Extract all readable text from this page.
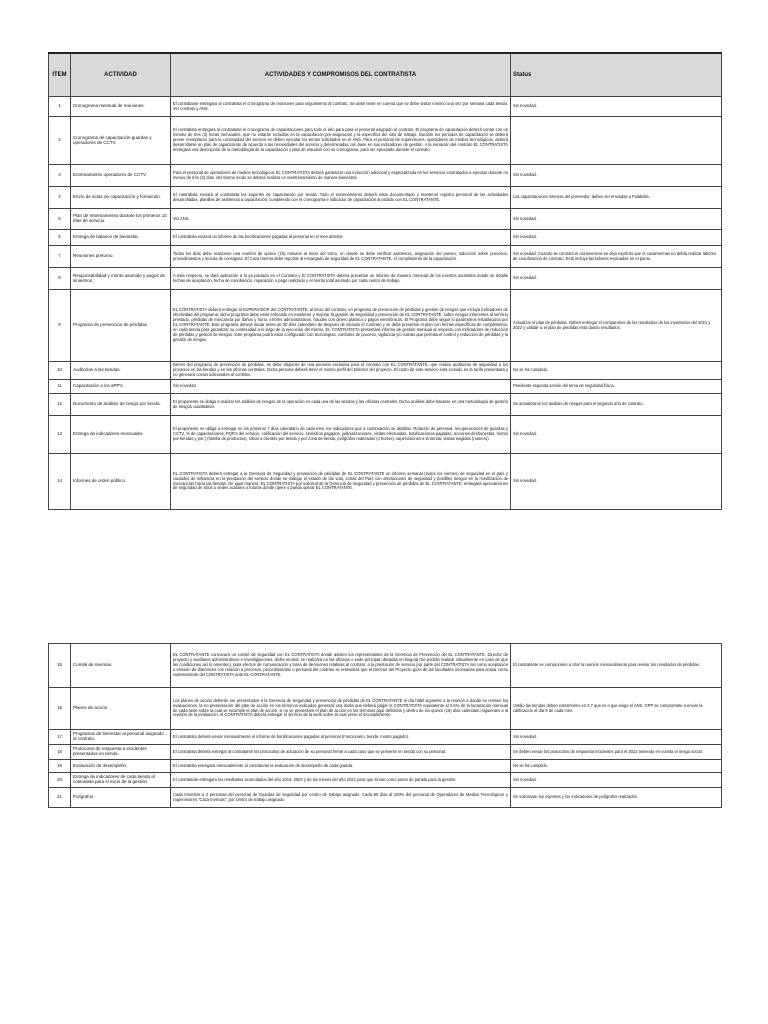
ITEM	ACTIVIDAD	ACTIVIDADES Y COMPROMISOS DEL CONTRATISTA	Status
1	Cronograma mensual de reuniones.	El contratante entregara al contratista el cronograma de reuniones para seguimiento al contrato. Se debe tener en cuenta que se debe visitar mínimo una vez por semana cada tienda. Ver contrato y ANS.	Sin novedad.
2	Cronograma de capacitación guardas y operadores de CCTV.	El contratista entregara al contratante el cronograma de capacitaciones para todo el año para para el personal asignado al contrato. El programa de capacitación deberá contar con un mínimo de tres (3) horas mensuales, que no estarán incluidas en la capacitación pre-asignación y la específica del sitio de trabajo. Durante los periodos de capacitación se deberá prever reemplazos para la continuidad del servicio se deben ejecutar los temas solicitados en el ANS. Para el personal de supervisores, operadores de medios tecnológicos, deberá desarrollarse un plan de capacitación de acuerdo a las necesidades del servicio y determinadas con base en sus indicadores de gestión. A la iniciación del contrato EL CONTRATISTA entregará una descripción de la metodología de la capacitación y plan de estudios con su cronograma, para ser ejecutado durante el contrato.	
3	Entrenamiento operadores de CCTV.	Para el personal de operadores de medios tecnológicos EL CONTRATISTA deberá garantizar una inducción adicional y especializada en los servicios contratados a ejecutar durante no menos de tres (3) días, del mismo modo se deberá realizar un reentrenamiento de manera bienestral.	Sin novedad.
4	Envío de actas de capacitación y formación.	El contratista enviará al contratista los soportes de capacitación por tienda. Todo el entrenamiento deberá estar documentado y mantener registro personal de las actividades desarrolladas, planillas de asistencia a capacitación, cumpliendo con el cronograma e indicador de capacitación acordado con EL CONTRATANTE.	Las capacitaciones internas del proveedor, deben ser enviadas a Falabella.
5	Plan de entrenamiento durante los primeros 15 días de servicio.	Ver ANS.	Sin novedad.
6	Entrega de balance de bienestar.	El contratista enviará un informe de las bonificaciones pagadas al personal en el mes anterior.	Sin novedad.
7	Reuniones preturno.	Todos los días debe realizarse una reunión de quince (15) minutos al inicio del turno, en donde se debe verificar asistencia, asignación del puesto, inducción sobre procesos, procedimientos y lectura de consignas. El Caza merma debe reportar al encargado de seguridad de EL CONTRATANTE, el cumplimiento de la capacitación.	Sin novedad. Cuando se contrató el cazamermas se dejo explícito que el cazamermas no debía realizar labores de coordinación de contrato. Está incluye las labores evaluadas en el punto.
8	Responsabilidad y monto asumido y pagos de siniestros.	A este respecto, se dará aplicación a lo ya pactado en el Contrato y El CONTRATISTA deberá presentar un informe de manera mensual de los eventos asumidos donde se detalle fechas de aceptación, fecha de conciliación, reparación o pago realizado y el monto total asumido por cada centro de trabajo.	Sin novedad.
9	Programa de prevención de pérdidas.	EL CONTRATISTA deberá entregar al SUPERVISOR del CONTRATANTE, al inicio del contrato, un programa de prevención de pérdidas y gestión de riesgos que incluya indicadores de efectividad del programa, dicho programa debe estar enfocado en mantener y mejorar la gestión de Seguridad y prevención de EL CONTRATANTE, sobre riesgos inherentes al servicio prestado, pérdidas de mercancía por daños y hurto, errores administrativos, fraudes con dinero plástico o pagos electrónicos. El Programa debe seguir lo parámetros establecidos por EL CONTRATANTE. Este programa deberá iniciar antes de 30 días calendario de después de iniciado el Contrato y se debe presentar el plan con fechas específicas de cumplimiento, en cada tienda para garantizar su continuidad a lo largo de la ejecución del mismo. EL CONTRATISTA presentará informe de gestión mensual al respecto con indicadores de reducción de pérdidas y gestión de riesgos. Este programa podrá estar configurado con tecnologías, controles de proceso, vigilancia y/o rutinas que permita el control y reducción de pérdidas y la gestión de riesgos.	Actualizar el plan de pérdidas. Deben entregar el comparativo de los resultados de los inventarios del 2021 y 2022 y validar si el plan de pérdidas esta dando resultados.
10	Auditorias a las tiendas.	Dentro del programa de prevención de pérdidas, se debe disponer de una persona exclusiva para el contrato con EL CONTRATANTE, que realice auditorías de seguridad a los procesos en las tiendas y en las oficinas centrales. Dicha persona deberá tener el mismo perfil del Director del proyecto. El costo de este servicio esta incluido en la tarifa presentada y no generara costos adicionales al contrato.	No se ha cumplido.
11	Capacitación a los aPP's.	Sin novedad	Pendiente segunda sesión del tema de seguridad física.
12	Documento de análisis de riesgo por tienda.	El proponente se obliga a realizar los análisis de riesgos de la operación en cada una de las tiendas y las oficinas centrales. Dicho análisis debe basarse en una metodología de gestión de riesgos cuantitativa.	Se actualizaron los análisis de riesgos para el segundo año de contrato.
13	Entrega de indicadores mensuales.	El proponente se obliga a entregar en los primeros 7 días calendario de cada mes, los indicadores que a continuación se detallan: Rotación de personal, recuperaciones de guardas y CCTV, % de capacitaciones, PQR's del servicio, calificación del servicio, siniestros pagados, judicializaciones, visitas efectuadas, bonificaciones pagadas, acciones deshonestas, hurtos por tiendas y por ( (familia de productos), robos a clientes por tienda y por zona de tienda, polígrafos realizados (o hurtos), supervisiones a la tienda, visitas exigidas (numero).	Sin novedad.
14	Informes de orden público.	EL CONTRATISTA deberá entregar a la Gerencia de Seguridad y prevención de pérdidas de EL CONTRATANTE un informe semanal (todos los viernes) de seguridad en el país y ciudades de influencia en la prestación del servicio donde se indique el estado de las vías, zonas del País con afectaciones de seguridad y posibles riesgos en la movilización de mercancías hacia las tiendas. De igual manera, EL CONTRATISTA por solicitud de la Gerencia de Seguridad y prevención de pérdidas de EL CONTRATANTE, entregará apreciaciones de seguridad de sitios o sedes actuales o futuras donde opere o pueda operar EL CONTRATANTE.	Sin novedad.
15	Comité de mermas.	EL CONTRATANTE convocará un comité de seguridad con EL CONTRATISTA donde asisten los representantes de la Gerencia de Prevención del EL CONTRATANTE, Director de proyecto y auxiliares administrativos e investigaciones, dicha reunión se realizará en las oficinas o sede principal ubicadas en Bogotá (Se podrán realizar virtualmente en caso de que las condiciones así lo ameriten), para efectos de comunicación y toma de decisiones relativas al contrato, a la prestación de servicio por parte del CONTRATISTA así como aceptación o emisión de directrices con relación a procesos, procedimientos o personal del contrato se entenderá que el Director del Proyecto goza de las facultades necesarias para actuar como representante del CONTRATISTA ante EL CONTRATANTE.	El contratante se compromete a citar la reunión mensualmente para revisar los resultados de pérdidas.
16	Planes de acción.	Los planes de acción deberán ser presentados a la Gerencia de Seguridad y prevención de pérdidas de EL CONTRATANTE el día hábil siguiente a la reunión a donde se revisen los evaluaciones, la no presentación del plan de acción en los términos indicados generará una multa que deberá pagar el CONTRATISTA equivalente al 0.5% de la facturación mensual de cada sede sobre la cual se incumple el plan de acción, si no se presentare el plan de acción en los términos aquí definidos y dentro de los quince (15) días calendario siguientes a la revisión de la evaluación, el CONTRATISTA deberá entregar el servicio de la sede sobre la cual verse el incumplimiento.	Ustdio las tiendas deben estarmnimo en 3,7 que es o que exige el ANS. GPP se compromete a enviar la calificación el día 9 de cada mes.
17	Programas de bienestar al personal asignado al contrato.	El contratista deberá enviar mensualmente el informe de bonificaciones pagadas al personal (Funcionario, tienda, monto pagado).	Sin novedad.
18	Protocolos de respuesta a incidentes presentados en tienda.	El contratista deberá entregar al contratante los protocolos de actuación de su personal frente a cada caso que se presente en tienda con su personal.	Se deben enviar los protocolos de respuesta incidentes para el 2022 teniendo en cuenta el riesgo social.
19	Evaluación de desempeño.	El contratista entregara mensualmente al contratante la evaluación de desempeño de cada guarda.	No se ha cumplido.
20	Entrega de indicadores de cada tienda al contratista para el inicio de la gestión.	El contratante entregara los resultados acumulados del año 2019, 2020 y de los meses del año 2021 para que sirvan como punto de partida para la gestión.	Sin novedad.
21	Polígrafos.	Cada trimestre a 2 personas del personal de Guardas de seguridad por centro de trabajo asignado. Cada 90 días al 100% del personal de Operadores de Medios Tecnológicos y Supervisores "Caza mermas", por centro de trabajo asignado	Se solicitaran los soportes y los indicadores de polígrafos realizados.
